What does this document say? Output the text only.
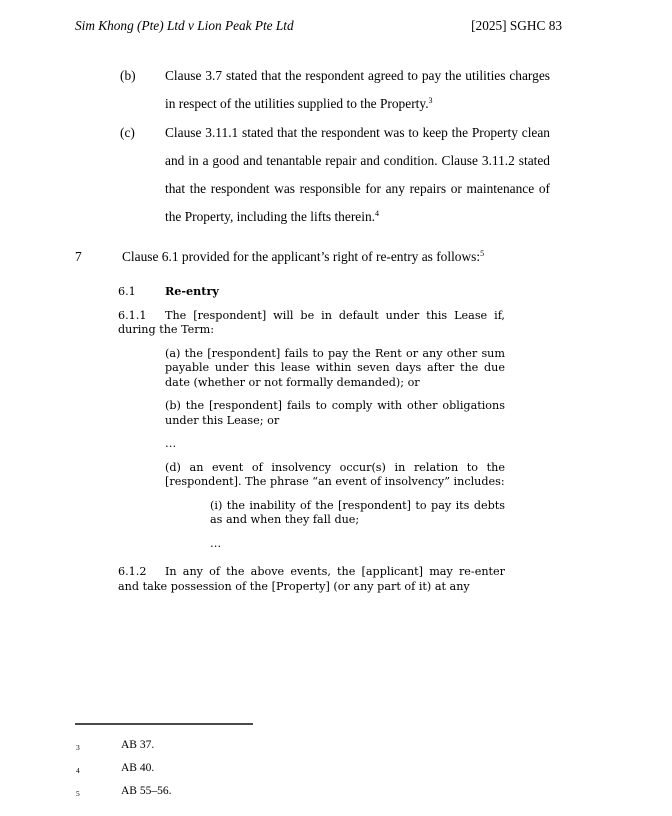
Sim Khong (Pte) Ltd v Lion Peak Pte Ltd	[2025] SGHC 83

(b) Clause 3.7 stated that the respondent agreed to pay the utilities charges in respect of the utilities supplied to the Property.$^3$

(c) Clause 3.11.1 stated that the respondent was to keep the Property clean and in a good and tenantable repair and condition. Clause 3.11.2 stated that the respondent was responsible for any repairs or maintenance of the Property, including the lifts therein.$^4$

7	Clause 6.1 provided for the applicant’s right of re-entry as follows:$^5$

6.1	Re-entry
6.1.1 The [respondent] will be in default under this Lease if, during the Term:
(a) the [respondent] fails to pay the Rent or any other sum payable under this lease within seven days after the due date (whether or not formally demanded); or
(b) the [respondent] fails to comply with other obligations under this Lease; or
…
(d) an event of insolvency occur(s) in relation to the [respondent]. The phrase “an event of insolvency” includes:
(i) the inability of the [respondent] to pay its debts as and when they fall due;
…
6.1.2 In any of the above events, the [applicant] may re-enter and take possession of the [Property] (or any part of it) at any
3	AB 37.
4	AB 40.
5	AB 55–56.
